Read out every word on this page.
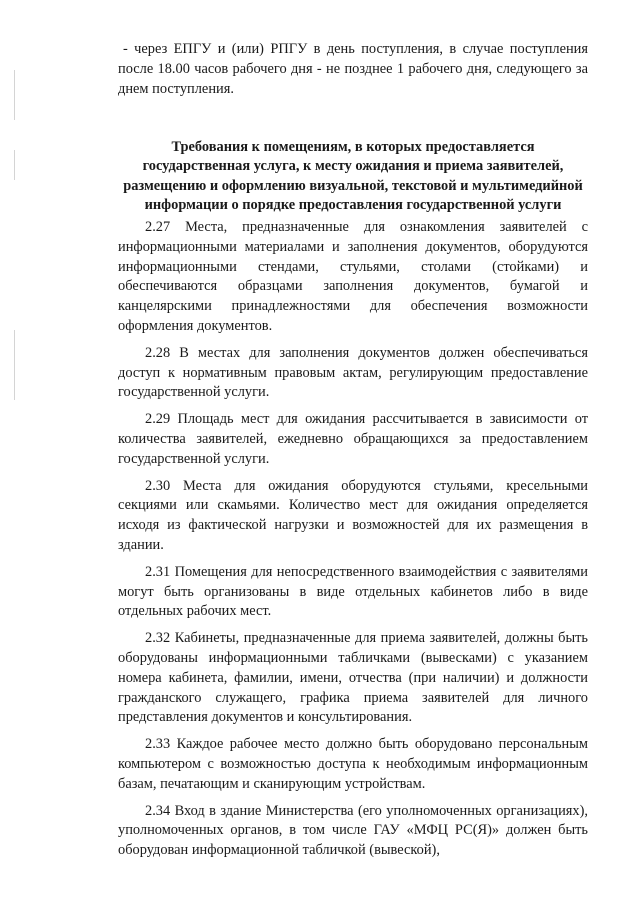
- через ЕПГУ и (или) РПГУ в день поступления, в случае поступления после 18.00 часов рабочего дня - не позднее 1 рабочего дня, следующего за днем поступления.

Требования к помещениям, в которых предоставляется государственная услуга, к месту ожидания и приема заявителей, размещению и оформлению визуальной, текстовой и мультимедийной информации о порядке предоставления государственной услуги

2.27 Места, предназначенные для ознакомления заявителей с информационными материалами и заполнения документов, оборудуются информационными стендами, стульями, столами (стойками) и обеспечиваются образцами заполнения документов, бумагой и канцелярскими принадлежностями для обеспечения возможности оформления документов.

2.28 В местах для заполнения документов должен обеспечиваться доступ к нормативным правовым актам, регулирующим предоставление государственной услуги.

2.29 Площадь мест для ожидания рассчитывается в зависимости от количества заявителей, ежедневно обращающихся за предоставлением государственной услуги.

2.30 Места для ожидания оборудуются стульями, кресельными секциями или скамьями. Количество мест для ожидания определяется исходя из фактической нагрузки и возможностей для их размещения в здании.

2.31 Помещения для непосредственного взаимодействия с заявителями могут быть организованы в виде отдельных кабинетов либо в виде отдельных рабочих мест.

2.32 Кабинеты, предназначенные для приема заявителей, должны быть оборудованы информационными табличками (вывесками) с указанием номера кабинета, фамилии, имени, отчества (при наличии) и должности гражданского служащего, графика приема заявителей для личного представления документов и консультирования.

2.33 Каждое рабочее место должно быть оборудовано персональным компьютером с возможностью доступа к необходимым информационным базам, печатающим и сканирующим устройствам.

2.34 Вход в здание Министерства (его уполномоченных организациях), уполномоченных органов, в том числе ГАУ «МФЦ РС(Я)» должен быть оборудован информационной табличкой (вывеской),
